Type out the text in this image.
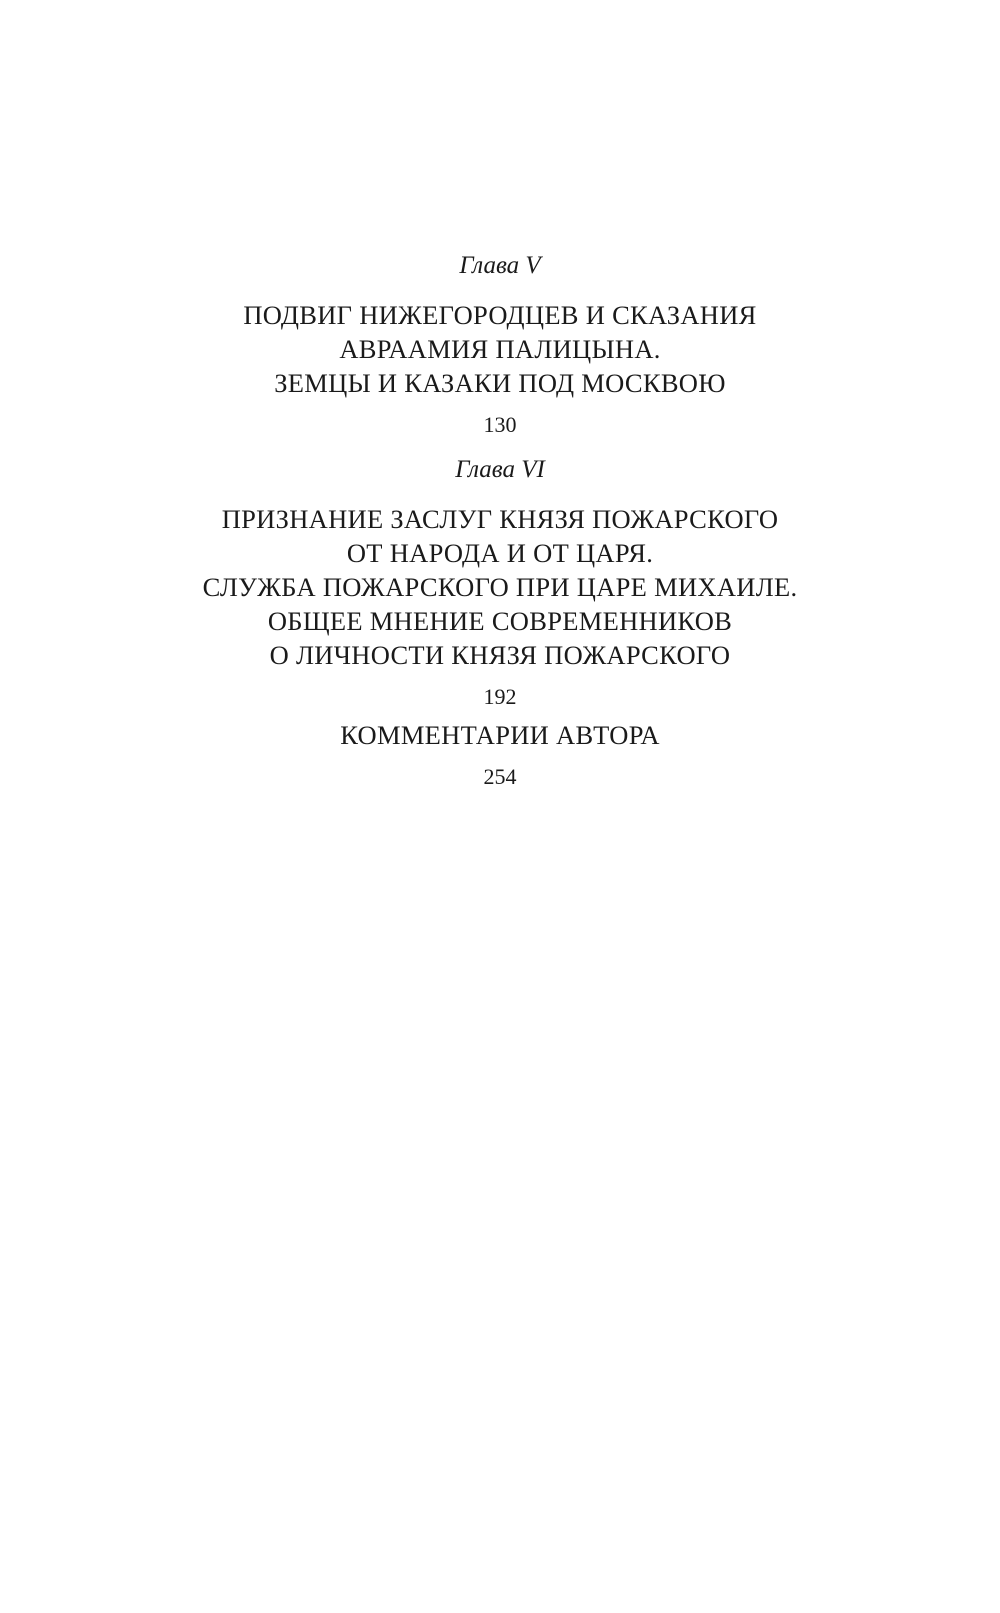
Глава V

ПОДВИГ НИЖЕГОРОДЦЕВ И СКАЗАНИЯ
АВРААМИЯ ПАЛИЦЫНА.
ЗЕМЦЫ И КАЗАКИ ПОД МОСКВОЮ

130

Глава VI

ПРИЗНАНИЕ ЗАСЛУГ КНЯЗЯ ПОЖАРСКОГО
ОТ НАРОДА И ОТ ЦАРЯ.
СЛУЖБА ПОЖАРСКОГО ПРИ ЦАРЕ МИХАИЛЕ.
ОБЩЕЕ МНЕНИЕ СОВРЕМЕННИКОВ
О ЛИЧНОСТИ КНЯЗЯ ПОЖАРСКОГО

192

КОММЕНТАРИИ АВТОРА

254
